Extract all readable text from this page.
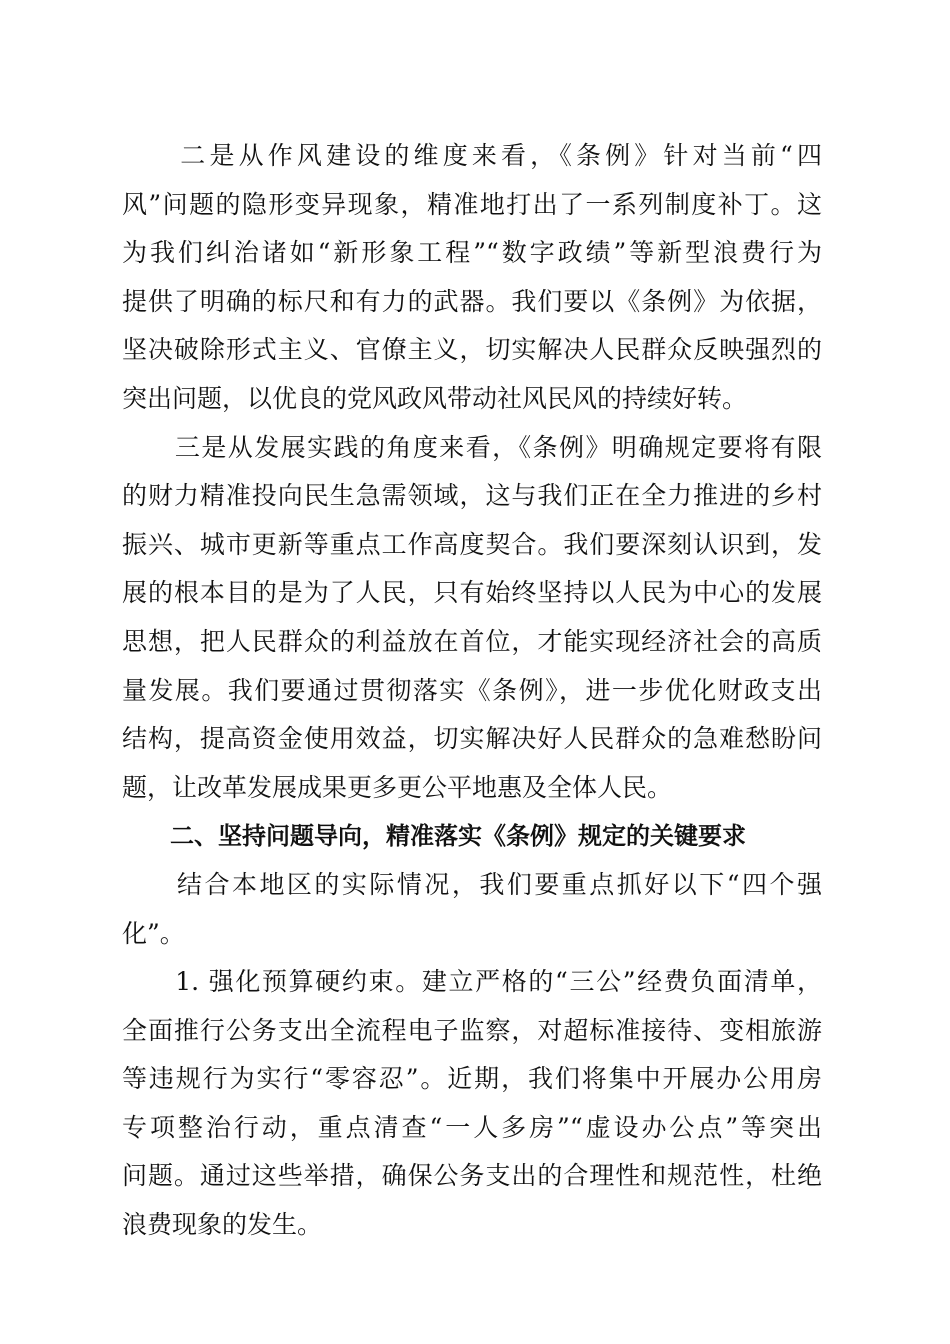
　　二是从作风建设的维度来看，《条例》针对当前“四
风”问题的隐形变异现象，精准地打出了一系列制度补丁。这
为我们纠治诸如“新形象工程”“数字政绩”等新型浪费行为
提供了明确的标尺和有力的武器。我们要以《条例》为依据，
坚决破除形式主义、官僚主义，切实解决人民群众反映强烈的
突出问题，以优良的党风政风带动社风民风的持续好转。
　　三是从发展实践的角度来看，《条例》明确规定要将有限
的财力精准投向民生急需领域，这与我们正在全力推进的乡村
振兴、城市更新等重点工作高度契合。我们要深刻认识到，发
展的根本目的是为了人民，只有始终坚持以人民为中心的发展
思想，把人民群众的利益放在首位，才能实现经济社会的高质
量发展。我们要通过贯彻落实《条例》，进一步优化财政支出
结构，提高资金使用效益，切实解决好人民群众的急难愁盼问
题，让改革发展成果更多更公平地惠及全体人民。
　　二、坚持问题导向，精准落实《条例》规定的关键要求
　　结合本地区的实际情况，我们要重点抓好以下“四个强
化”。
　　1. 强化预算硬约束。建立严格的“三公”经费负面清单，
全面推行公务支出全流程电子监察，对超标准接待、变相旅游
等违规行为实行“零容忍”。近期，我们将集中开展办公用房
专项整治行动，重点清查“一人多房”“虚设办公点”等突出
问题。通过这些举措，确保公务支出的合理性和规范性，杜绝
浪费现象的发生。
